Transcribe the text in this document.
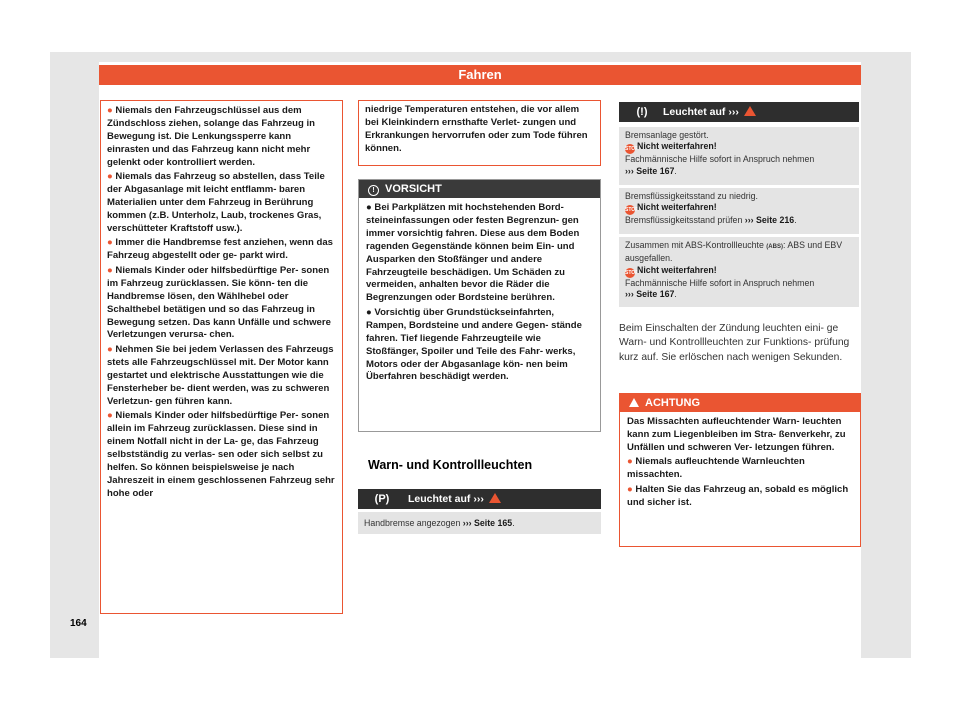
Fahren

● Niemals den Fahrzeugschlüssel aus dem Zündschloss ziehen, solange das Fahrzeug in Bewegung ist. Die Lenkungssperre kann einrasten und das Fahrzeug kann nicht mehr gelenkt oder kontrolliert werden.

● Niemals das Fahrzeug so abstellen, dass Teile der Abgasanlage mit leicht entflamm- baren Materialien unter dem Fahrzeug in Berührung kommen (z.B. Unterholz, Laub, trockenes Gras, verschütteter Kraftstoff usw.).

● Immer die Handbremse fest anziehen, wenn das Fahrzeug abgestellt oder ge- parkt wird.

● Niemals Kinder oder hilfsbedürftige Per- sonen im Fahrzeug zurücklassen. Sie könn- ten die Handbremse lösen, den Wählhebel oder Schalthebel betätigen und so das Fahrzeug in Bewegung setzen. Das kann Unfälle und schwere Verletzungen verursa- chen.

● Nehmen Sie bei jedem Verlassen des Fahrzeugs stets alle Fahrzeugschlüssel mit. Der Motor kann gestartet und elektrische Ausstattungen wie die Fensterheber be- dient werden, was zu schweren Verletzun- gen führen kann.

● Niemals Kinder oder hilfsbedürftige Per- sonen allein im Fahrzeug zurücklassen. Diese sind in einem Notfall nicht in der La- ge, das Fahrzeug selbstständig zu verlas- sen oder sich selbst zu helfen. So können beispielsweise je nach Jahreszeit in einem geschlossenen Fahrzeug sehr hohe oder

niedrige Temperaturen entstehen, die vor allem bei Kleinkindern ernsthafte Verlet- zungen und Erkrankungen hervorrufen oder zum Tode führen können.

! VORSICHT

● Bei Parkplätzen mit hochstehenden Bord- steineinfassungen oder festen Begrenzun- gen immer vorsichtig fahren. Diese aus dem Boden ragenden Gegenstände können beim Ein- und Ausparken den Stoßfänger und andere Fahrzeugteile beschädigen. Um Schäden zu vermeiden, anhalten bevor die Räder die Begrenzungen oder Bordsteine berühren.

● Vorsichtig über Grundstückseinfahrten, Rampen, Bordsteine und andere Gegen- stände fahren. Tief liegende Fahrzeugteile wie Stoßfänger, Spoiler und Teile des Fahr- werks, Motors oder der Abgasanlage kön- nen beim Überfahren beschädigt werden.

Warn- und Kontrollleuchten
(P)	Leuchtet auf ›››
Handbremse angezogen ››› Seite 165.
(!)	Leuchtet auf ›››
Bremsanlage gestört.
STOPNicht weiterfahren!
Fachmännische Hilfe sofort in Anspruch nehmen
››› Seite 167.
Bremsflüssigkeitsstand zu niedrig.
STOPNicht weiterfahren!
Bremsflüssigkeitsstand prüfen ››› Seite 216.
Zusammen mit ABS-Kontrollleuchte (ABS): ABS und EBV
ausgefallen.
STOPNicht weiterfahren!
Fachmännische Hilfe sofort in Anspruch nehmen
››› Seite 167.

Beim Einschalten der Zündung leuchten eini- ge Warn- und Kontrollleuchten zur Funktions- prüfung kurz auf. Sie erlöschen nach wenigen Sekunden.

ACHTUNG

Das Missachten aufleuchtender Warn- leuchten kann zum Liegenbleiben im Stra- ßenverkehr, zu Unfällen und schweren Ver- letzungen führen.

● Niemals aufleuchtende Warnleuchten missachten.

● Halten Sie das Fahrzeug an, sobald es möglich und sicher ist.

164
